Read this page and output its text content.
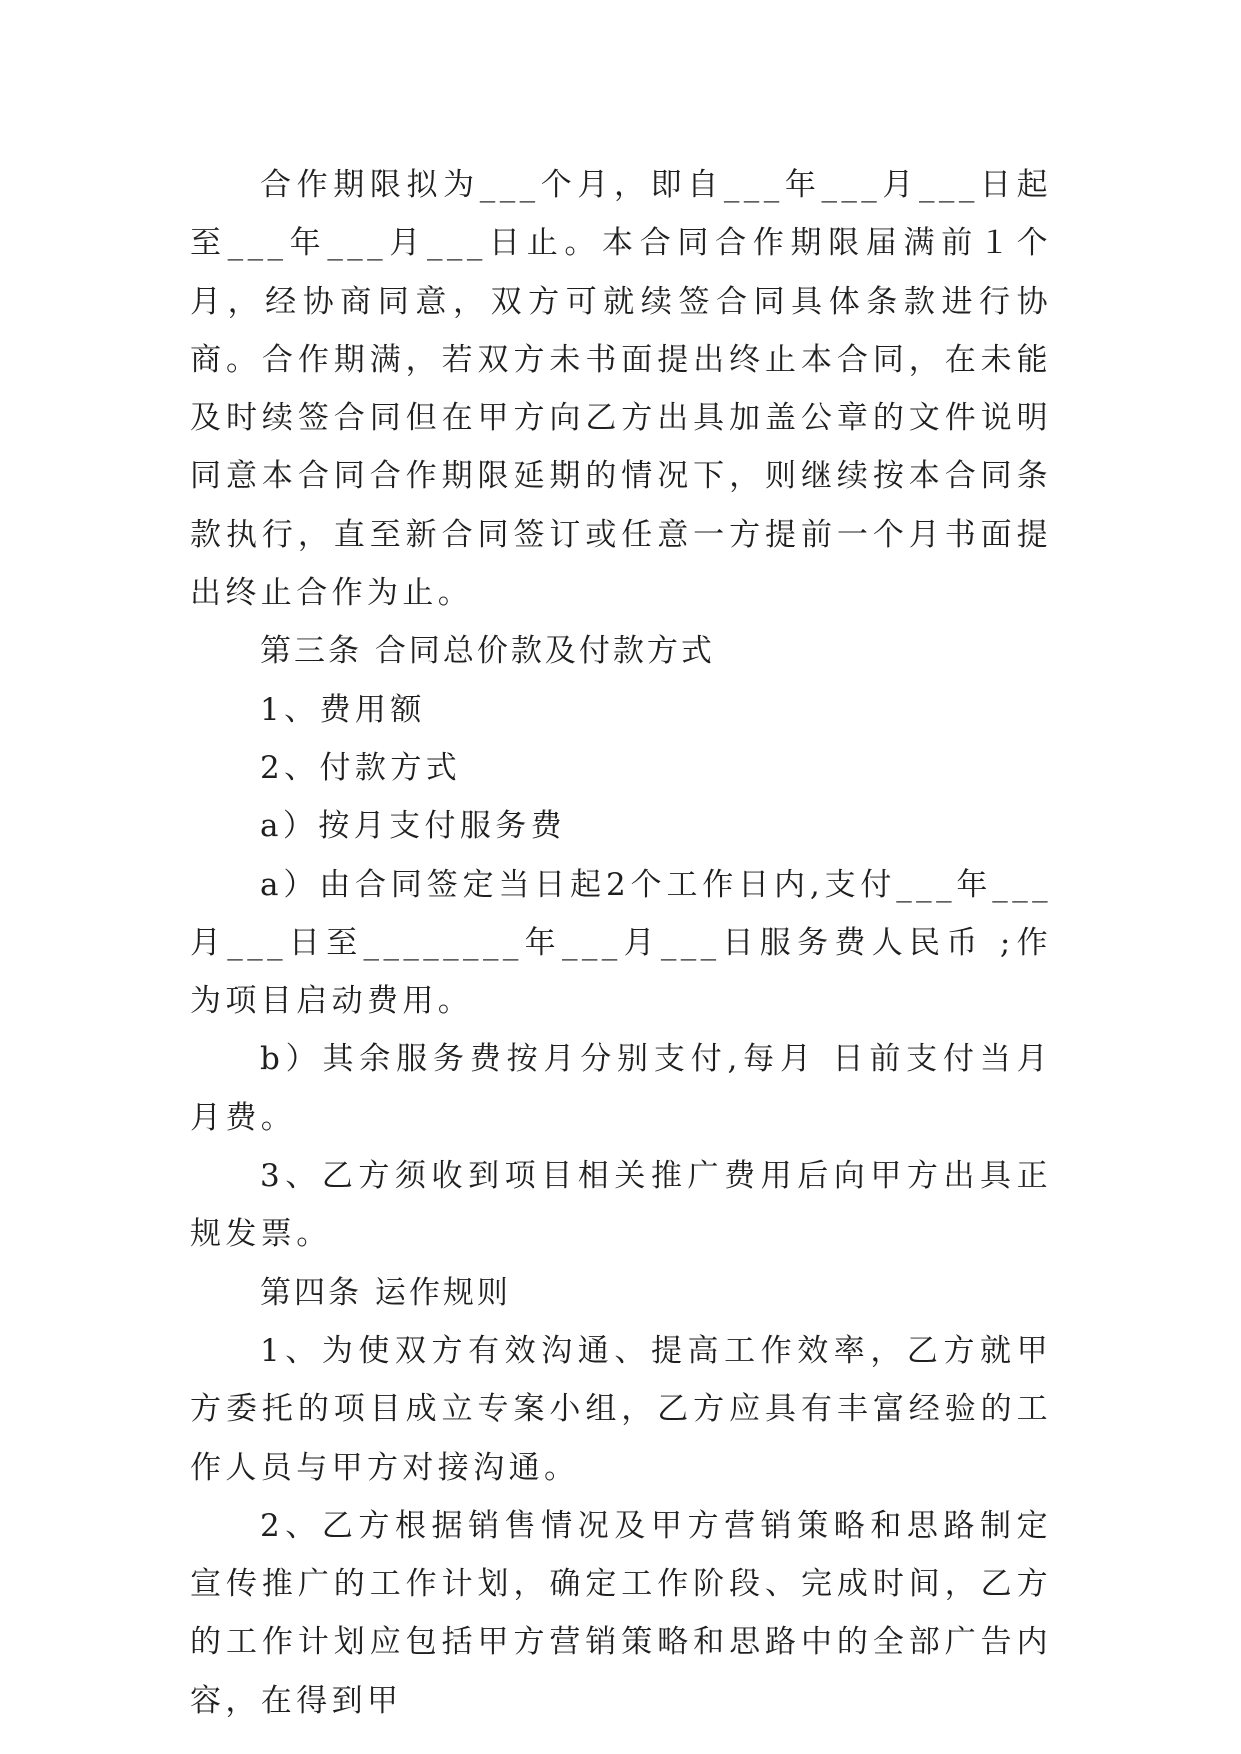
合作期限拟为___个月，即自___年___月___日起至___年___月___日止。本合同合作期限届满前１个月，经协商同意，双方可就续签合同具体条款进行协商。合作期满，若双方未书面提出终止本合同，在未能及时续签合同但在甲方向乙方出具加盖公章的文件说明同意本合同合作期限延期的情况下，则继续按本合同条款执行，直至新合同签订或任意一方提前一个月书面提出终止合作为止。

第三条 合同总价款及付款方式

1、费用额

2、付款方式

a）按月支付服务费

a）由合同签定当日起2个工作日内,支付___年___月___日至________年___月___日服务费人民币 ;作为项目启动费用。

b）其余服务费按月分别支付,每月 日前支付当月月费。

3、乙方须收到项目相关推广费用后向甲方出具正规发票。

第四条 运作规则

1、为使双方有效沟通、提高工作效率，乙方就甲方委托的项目成立专案小组，乙方应具有丰富经验的工作人员与甲方对接沟通。

2、乙方根据销售情况及甲方营销策略和思路制定宣传推广的工作计划，确定工作阶段、完成时间，乙方的工作计划应包括甲方营销策略和思路中的全部广告内容，在得到甲
